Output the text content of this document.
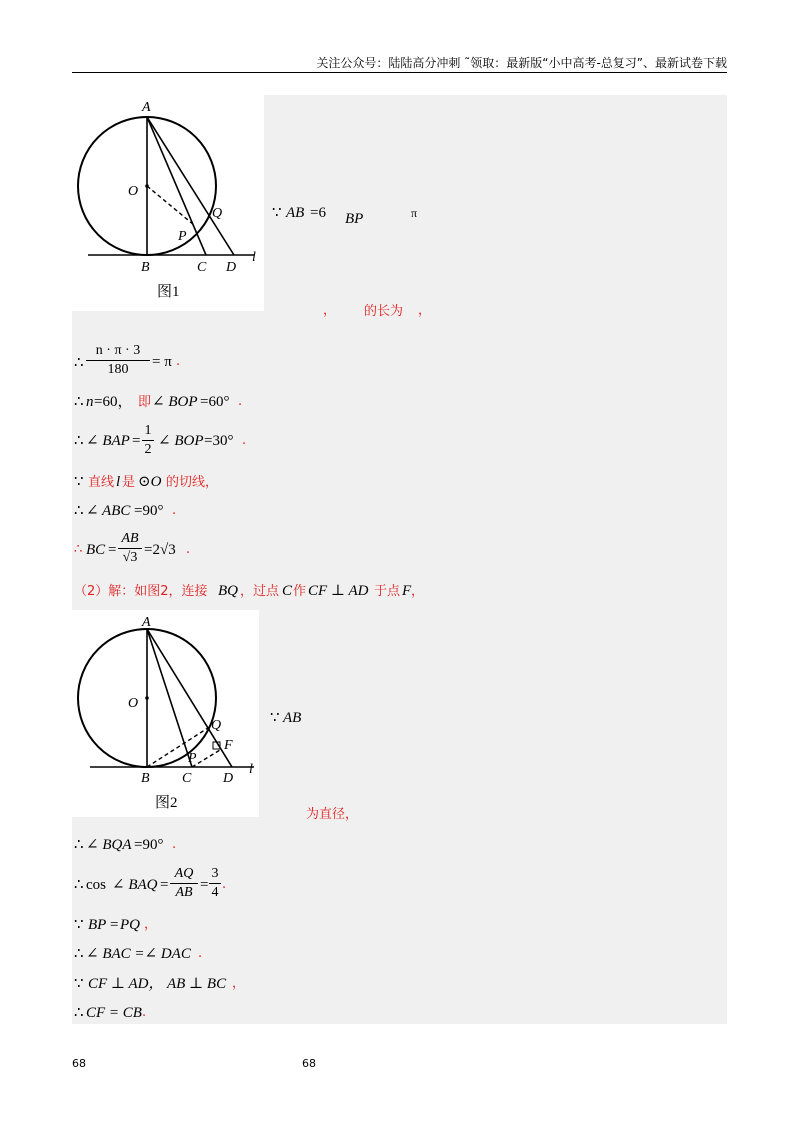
关注公众号：陆陆高分冲刺 ˜领取：最新版“小中高考-总复习”、最新试卷下载
A
O
Q
P
B	C D
l
图1
A
O
Q
F
P
B C D
l
图2
∵ AB =6 BP	π
， 的长为 ，
∴
n · π · 3
180	= π .
∴ n =60， 即 ∠ BOP =60° .
∴ ∠ BAP =
1
2
∠ BOP =30° .
∵ 直线 l 是 ⊙O 的切线，
∴ ∠ ABC =90° .
∴ BC =
AB
√3 =2√3 .
（2）解：如图2，连接 BQ ，过点 C 作 CF ⊥ AD 于点 F ，
∵ AB
为直径，
∴ ∠ BQA =90° .
∴ cos ∠ BAQ =
AQ
AB =
3
4
.
∵ BP = PQ ，
∴ ∠ BAC =∠ DAC .
∵ CF ⊥ AD， AB ⊥ BC ，
∴ CF = CB .
68	68
